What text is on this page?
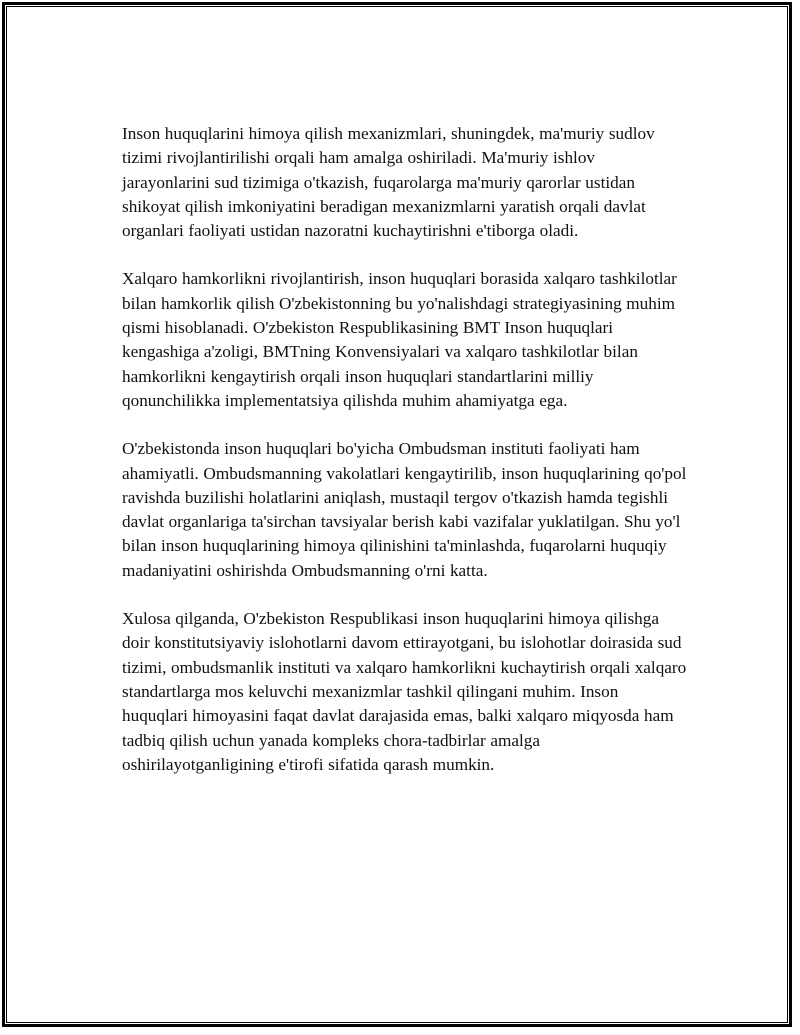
Inson huquqlarini himoya qilish mexanizmlari, shuningdek, ma'muriy sudlov tizimi rivojlantirilishi orqali ham amalga oshiriladi. Ma'muriy ishlov jarayonlarini sud tizimiga o'tkazish, fuqarolarga ma'muriy qarorlar ustidan shikoyat qilish imkoniyatini beradigan mexanizmlarni yaratish orqali davlat organlari faoliyati ustidan nazoratni kuchaytirishni e'tiborga oladi.

Xalqaro hamkorlikni rivojlantirish, inson huquqlari borasida xalqaro tashkilotlar bilan hamkorlik qilish O'zbekistonning bu yo'nalishdagi strategiyasining muhim qismi hisoblanadi. O'zbekiston Respublikasining BMT Inson huquqlari kengashiga a'zoligi, BMTning Konvensiyalari va xalqaro tashkilotlar bilan hamkorlikni kengaytirish orqali inson huquqlari standartlarini milliy qonunchilikka implementatsiya qilishda muhim ahamiyatga ega.

O'zbekistonda inson huquqlari bo'yicha Ombudsman instituti faoliyati ham ahamiyatli. Ombudsmanning vakolatlari kengaytirilib, inson huquqlarining qo'pol ravishda buzilishi holatlarini aniqlash, mustaqil tergov o'tkazish hamda tegishli davlat organlariga ta'sirchan tavsiyalar berish kabi vazifalar yuklatilgan. Shu yo'l bilan inson huquqlarining himoya qilinishini ta'minlashda, fuqarolarni huquqiy madaniyatini oshirishda Ombudsmanning o'rni katta.

Xulosa qilganda, O'zbekiston Respublikasi inson huquqlarini himoya qilishga doir konstitutsiyaviy islohotlarni davom ettirayotgani, bu islohotlar doirasida sud tizimi, ombudsmanlik instituti va xalqaro hamkorlikni kuchaytirish orqali xalqaro standartlarga mos keluvchi mexanizmlar tashkil qilingani muhim. Inson huquqlari himoyasini faqat davlat darajasida emas, balki xalqaro miqyosda ham tadbiq qilish uchun yanada kompleks chora-tadbirlar amalga oshirilayotganligining e'tirofi sifatida qarash mumkin.
